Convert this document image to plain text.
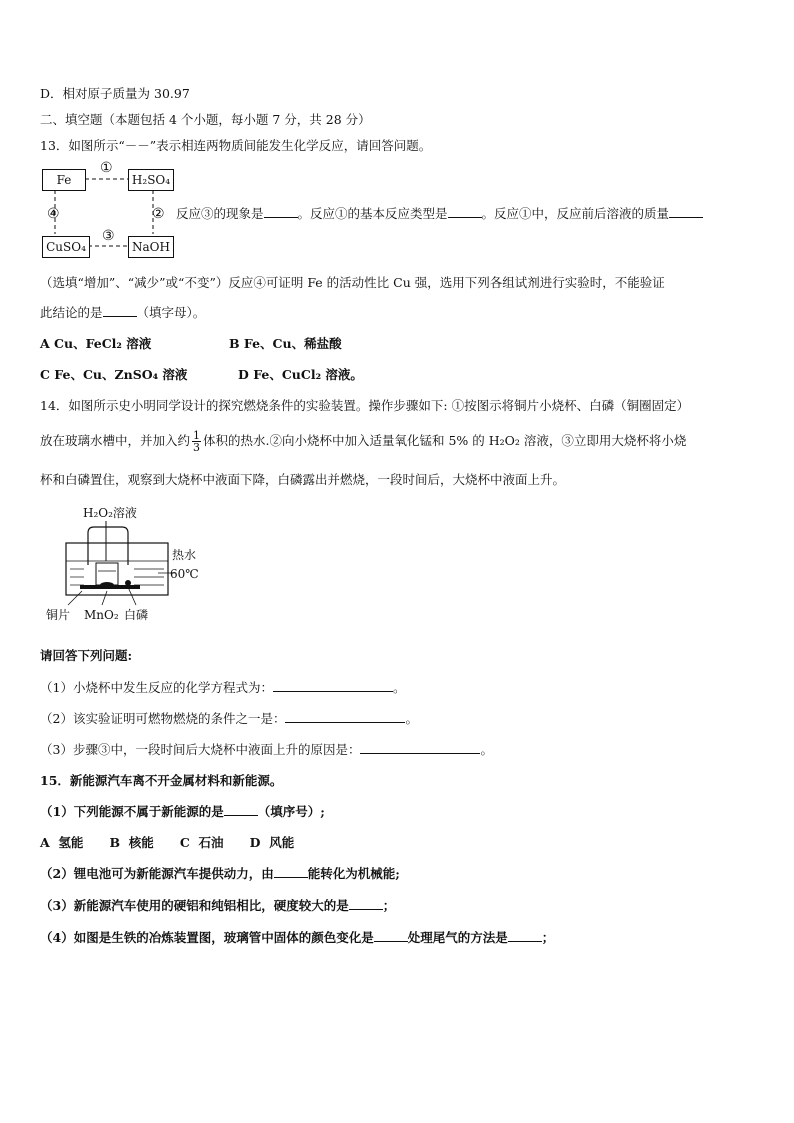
D．相对原子质量为 30.97
二、填空题（本题包括 4 个小题，每小题 7 分，共 28 分）
13．如图所示“－－”表示相连两物质间能发生化学反应，请回答问题。
Fe	H₂SO₄
CuSO₄	NaOH
①
②
③
④	反应③的现象是	。反应①的基本反应类型是	。反应①中，反应前后溶液的质量
（选填“增加”、“减少”或“不变”）反应④可证明 Fe 的活动性比 Cu 强，选用下列各组试剂进行实验时，不能验证
此结论的是	（填字母）。
A Cu、FeCl₂ 溶液	B Fe、Cu、稀盐酸
C Fe、Cu、ZnSO₄ 溶液	D Fe、CuCl₂ 溶液。
14．如图所示史小明同学设计的探究燃烧条件的实验装置。操作步骤如下: ①按图示将铜片小烧杯、白磷（铜圈固定）
放在玻璃水槽中，并加入约 $\frac{1}{3}$ 体积的热水.②向小烧杯中加入适量氧化锰和 5% 的 H₂O₂ 溶液，③立即用大烧杯将小烧
杯和白磷置住，观察到大烧杯中液面下降，白磷露出并燃烧，一段时间后，大烧杯中液面上升。
H₂O₂溶液
热水
60℃
铜片 MnO₂ 白磷
请回答下列问题:
（1）小烧杯中发生反应的化学方程式为：	。
（2）该实验证明可燃物燃烧的条件之一是：	。
（3）步骤③中，一段时间后大烧杯中液面上升的原因是：	。
15．新能源汽车离不开金属材料和新能源。
（1）下列能源不属于新能源的是	（填序号）;
A  氢能      B  核能      C  石油      D  风能
（2）锂电池可为新能源汽车提供动力，由	能转化为机械能;
（3）新能源汽车使用的硬铝和纯铝相比，硬度较大的是	；
（4）如图是生铁的冶炼装置图，玻璃管中固体的颜色变化是	处理尾气的方法是	；
